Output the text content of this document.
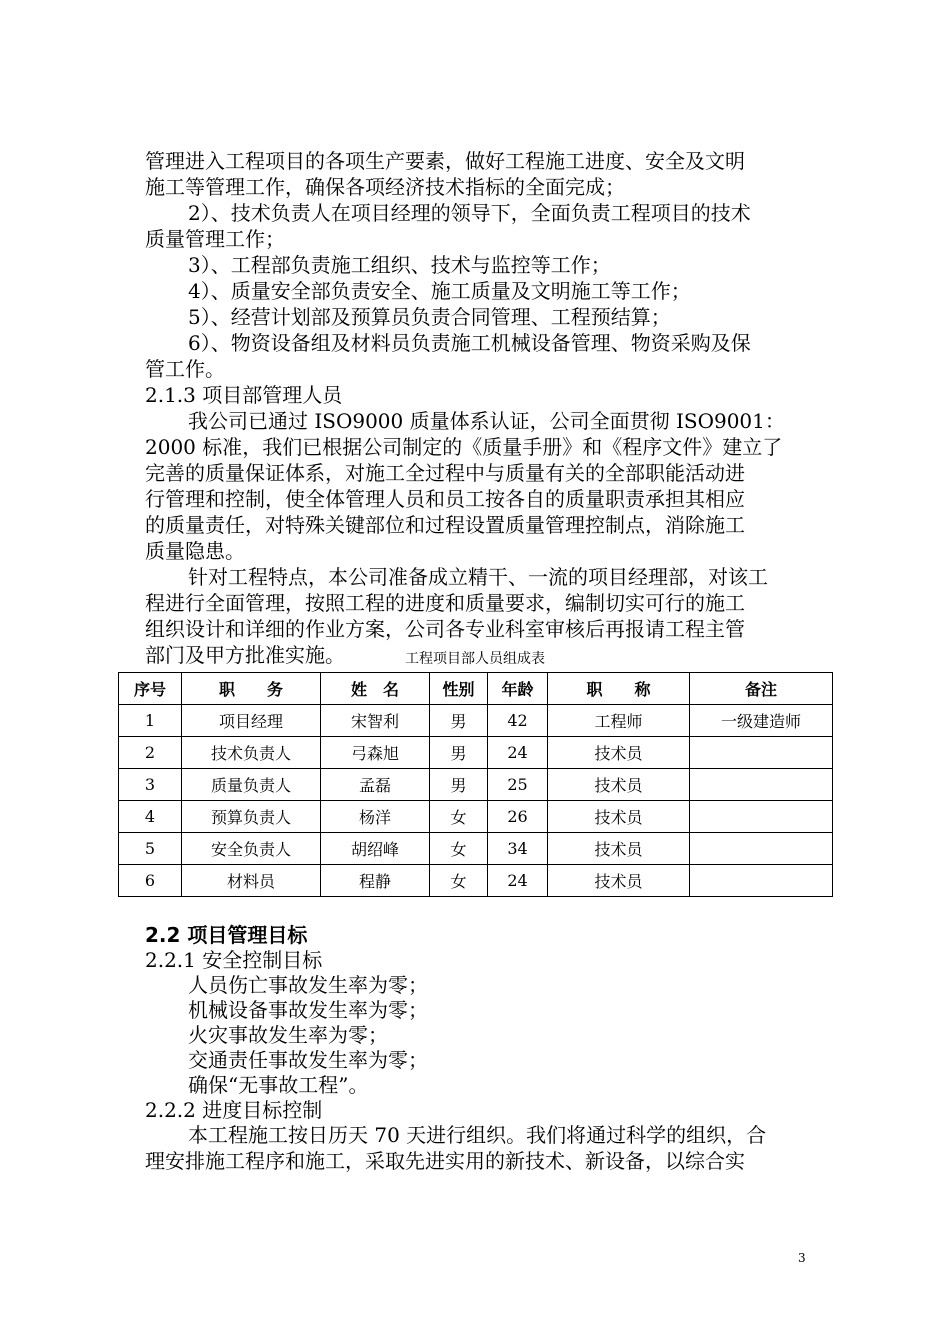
管理进入工程项目的各项生产要素，做好工程施工进度、安全及文明
施工等管理工作，确保各项经济技术指标的全面完成；
2）、技术负责人在项目经理的领导下，全面负责工程项目的技术
质量管理工作；
3）、工程部负责施工组织、技术与监控等工作；
4）、质量安全部负责安全、施工质量及文明施工等工作；
5）、经营计划部及预算员负责合同管理、工程预结算；
6）、物资设备组及材料员负责施工机械设备管理、物资采购及保
管工作。
2.1.3 项目部管理人员
我公司已通过 ISO9000 质量体系认证，公司全面贯彻 ISO9001：
2000 标准，我们已根据公司制定的《质量手册》和《程序文件》建立了
完善的质量保证体系，对施工全过程中与质量有关的全部职能活动进
行管理和控制，使全体管理人员和员工按各自的质量职责承担其相应
的质量责任，对特殊关键部位和过程设置质量管理控制点，消除施工
质量隐患。
针对工程特点，本公司准备成立精干、一流的项目经理部，对该工
程进行全面管理，按照工程的进度和质量要求，编制切实可行的施工
组织设计和详细的作业方案，公司各专业科室审核后再报请工程主管
部门及甲方批准实施。	工程项目部人员组成表
序号	职　　务	姓　名	性别	年龄	职　　称	备注
1	项目经理	宋智利	男	42	工程师	一级建造师
2	技术负责人	弓森旭	男	24	技术员	
3	质量负责人	孟磊	男	25	技术员	
4	预算负责人	杨洋	女	26	技术员	
5	安全负责人	胡绍峰	女	34	技术员	
6	材料员	程静	女	24	技术员	
2.2 项目管理目标
2.2.1 安全控制目标
人员伤亡事故发生率为零；
机械设备事故发生率为零；
火灾事故发生率为零；
交通责任事故发生率为零；
确保“无事故工程”。
2.2.2 进度目标控制
本工程施工按日历天 70 天进行组织。我们将通过科学的组织，合
理安排施工程序和施工，采取先进实用的新技术、新设备，以综合实
3
